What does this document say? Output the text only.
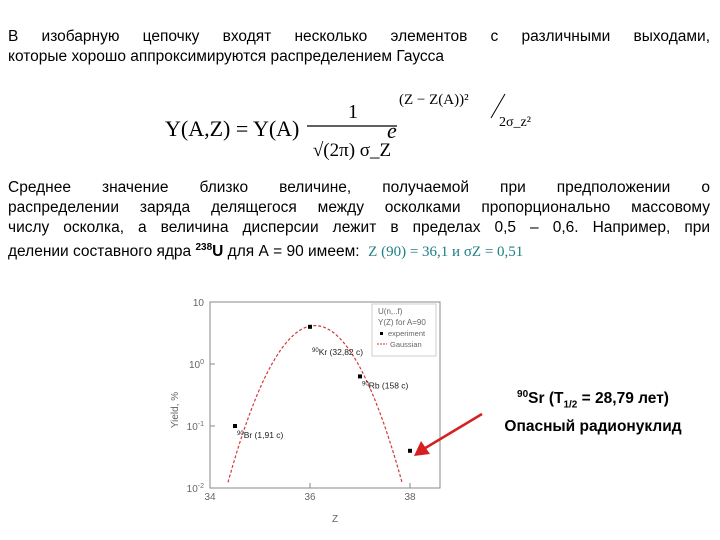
В изобарную цепочку входят несколько элементов с различными выходами,
которые хорошо аппроксимируются распределением Гаусса
Y(A,Z) = Y(A)
1
√(2π) σ_Z
e
(Z − Z(A))²
2σ_z²
Среднее значение близко величине, получаемой при предположении о
распределении заряда делящегося между осколками пропорционально массовому
числу осколка, а величина дисперсии лежит в пределах 0,5 – 0,6. Например, при
делении составного ядра $^{238}$U для А = 90 имеем: Z (90) = 36,1 и σZ = 0,51
34	36	38
10
$10^0$
$10^{-1}$
$10^{-2}$
$^{90}$Br (1,91 c)
$^{90}$Kr (32,82 c)
$^{90}$Rb (158 c)
U(n,..f)
Y(Z) for A=90
experiment
Gaussian
Z
Yield, %	$^{90}$Sr ($T_{1/2} = 28,79$ лет)
Опасный радионуклид
